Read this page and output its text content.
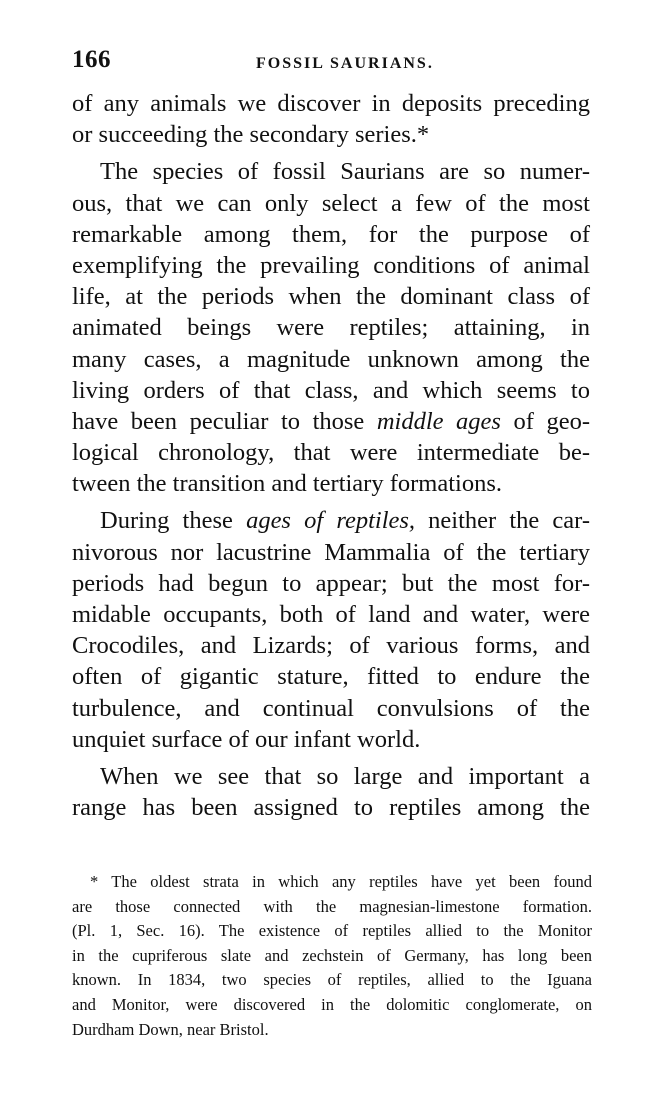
166	FOSSIL SAURIANS.

of any animals we discover in deposits preceding
or succeeding the secondary series.*

The species of fossil Saurians are so numer-
ous, that we can only select a few of the most
remarkable among them, for the purpose of
exemplifying the prevailing conditions of animal
life, at the periods when the dominant class of
animated beings were reptiles; attaining, in
many cases, a magnitude unknown among the
living orders of that class, and which seems to
have been peculiar to those middle ages of geo-
logical chronology, that were intermediate be-
tween the transition and tertiary formations.

During these ages of reptiles, neither the car-
nivorous nor lacustrine Mammalia of the tertiary
periods had begun to appear; but the most for-
midable occupants, both of land and water, were
Crocodiles, and Lizards; of various forms, and
often of gigantic stature, fitted to endure the
turbulence, and continual convulsions of the
unquiet surface of our infant world.

When we see that so large and important a
range has been assigned to reptiles among the

* The oldest strata in which any reptiles have yet been found
are those connected with the magnesian-limestone formation.
(Pl. 1, Sec. 16). The existence of reptiles allied to the Monitor
in the cupriferous slate and zechstein of Germany, has long been
known. In 1834, two species of reptiles, allied to the Iguana
and Monitor, were discovered in the dolomitic conglomerate, on
Durdham Down, near Bristol.
